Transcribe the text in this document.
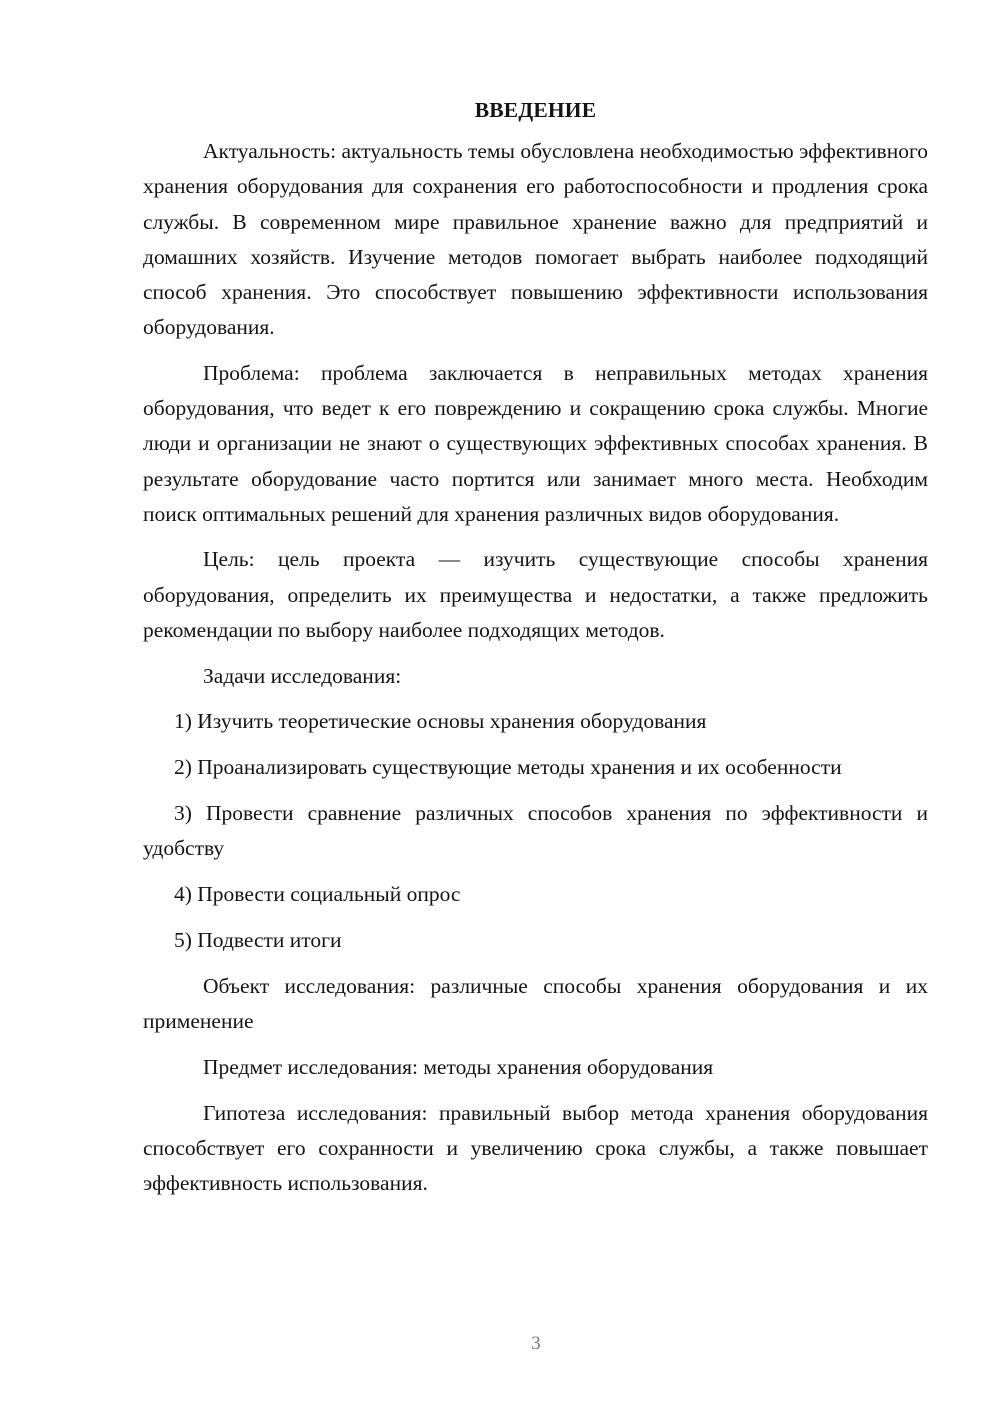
ВВЕДЕНИЕ

Актуальность: актуальность темы обусловлена необходимостью эффективного хранения оборудования для сохранения его работоспособности и продления срока службы. В современном мире правильное хранение важно для предприятий и домашних хозяйств. Изучение методов помогает выбрать наиболее подходящий способ хранения. Это способствует повышению эффективности использования оборудования.

Проблема: проблема заключается в неправильных методах хранения оборудования, что ведет к его повреждению и сокращению срока службы. Многие люди и организации не знают о существующих эффективных способах хранения. В результате оборудование часто портится или занимает много места. Необходим поиск оптимальных решений для хранения различных видов оборудования.

Цель: цель проекта — изучить существующие способы хранения оборудования, определить их преимущества и недостатки, а также предложить рекомендации по выбору наиболее подходящих методов.

Задачи исследования:

1) Изучить теоретические основы хранения оборудования

2) Проанализировать существующие методы хранения и их особенности

3) Провести сравнение различных способов хранения по эффективности и удобству

4) Провести социальный опрос

5) Подвести итоги

Объект исследования: различные способы хранения оборудования и их применение

Предмет исследования: методы хранения оборудования

Гипотеза исследования: правильный выбор метода хранения оборудования способствует его сохранности и увеличению срока службы, а также повышает эффективность использования.

3
